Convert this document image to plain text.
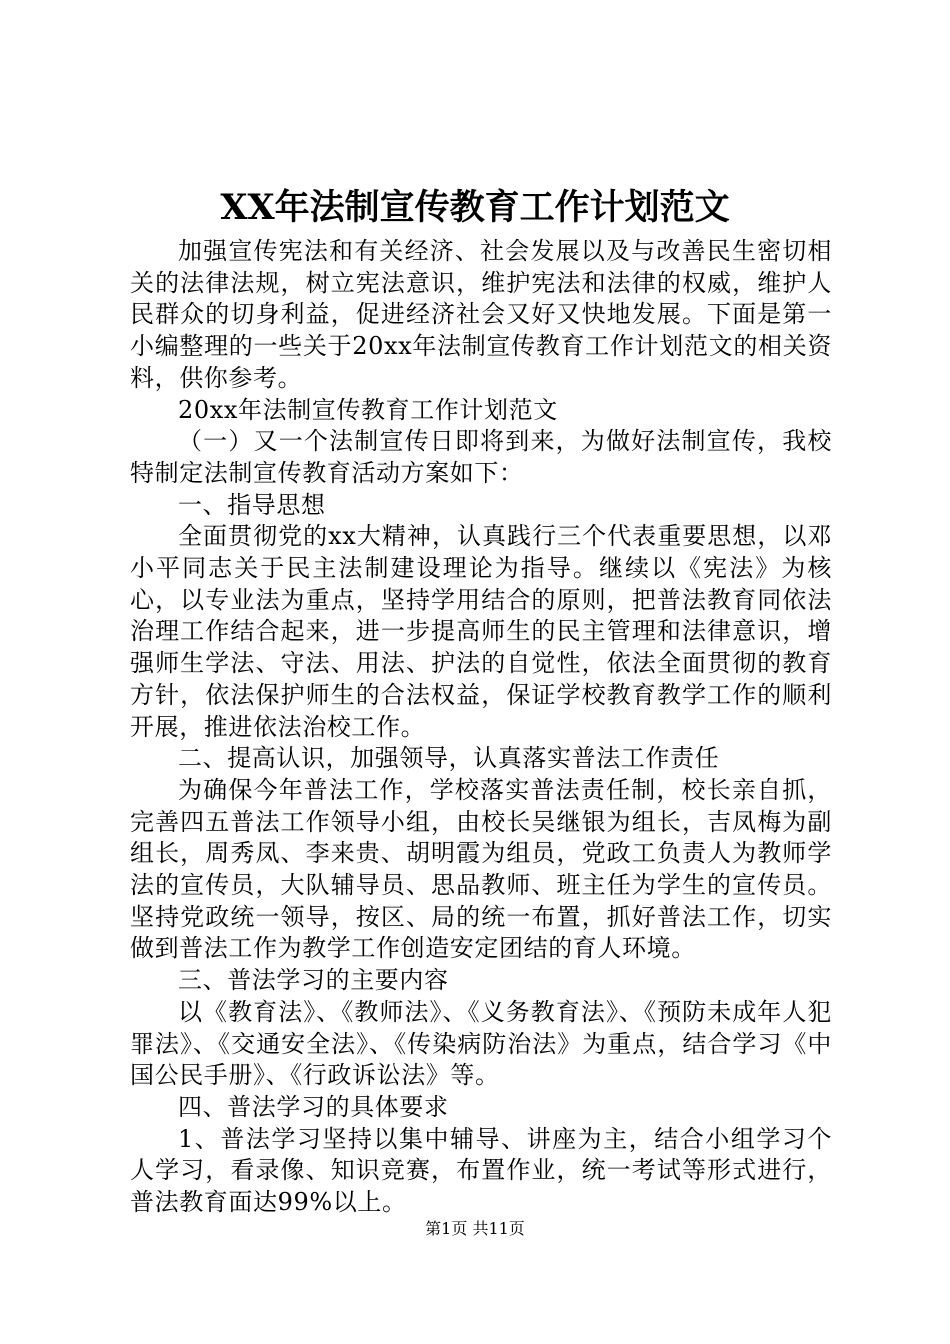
XX年法制宣传教育工作计划范文

加强宣传宪法和有关经济、社会发展以及与改善民生密切相关的法律法规，树立宪法意识，维护宪法和法律的权威，维护人民群众的切身利益，促进经济社会又好又快地发展。下面是第一小编整理的一些关于20xx年法制宣传教育工作计划范文的相关资料，供你参考。

20xx年法制宣传教育工作计划范文

（一）又一个法制宣传日即将到来，为做好法制宣传，我校特制定法制宣传教育活动方案如下：

一、指导思想

全面贯彻党的xx大精神，认真践行三个代表重要思想，以邓小平同志关于民主法制建设理论为指导。继续以《宪法》为核心，以专业法为重点，坚持学用结合的原则，把普法教育同依法治理工作结合起来，进一步提高师生的民主管理和法律意识，增强师生学法、守法、用法、护法的自觉性，依法全面贯彻的教育方针，依法保护师生的合法权益，保证学校教育教学工作的顺利开展，推进依法治校工作。

二、提高认识，加强领导，认真落实普法工作责任

为确保今年普法工作，学校落实普法责任制，校长亲自抓，完善四五普法工作领导小组，由校长吴继银为组长，吉凤梅为副组长，周秀凤、李来贵、胡明霞为组员，党政工负责人为教师学法的宣传员，大队辅导员、思品教师、班主任为学生的宣传员。坚持党政统一领导，按区、局的统一布置，抓好普法工作，切实做到普法工作为教学工作创造安定团结的育人环境。

三、普法学习的主要内容

以《教育法》、《教师法》、《义务教育法》、《预防未成年人犯罪法》、《交通安全法》、《传染病防治法》为重点，结合学习《中国公民手册》、《行政诉讼法》等。

四、普法学习的具体要求

1、普法学习坚持以集中辅导、讲座为主，结合小组学习个人学习，看录像、知识竞赛，布置作业，统一考试等形式进行，普法教育面达99%以上。

第1页 共11页
